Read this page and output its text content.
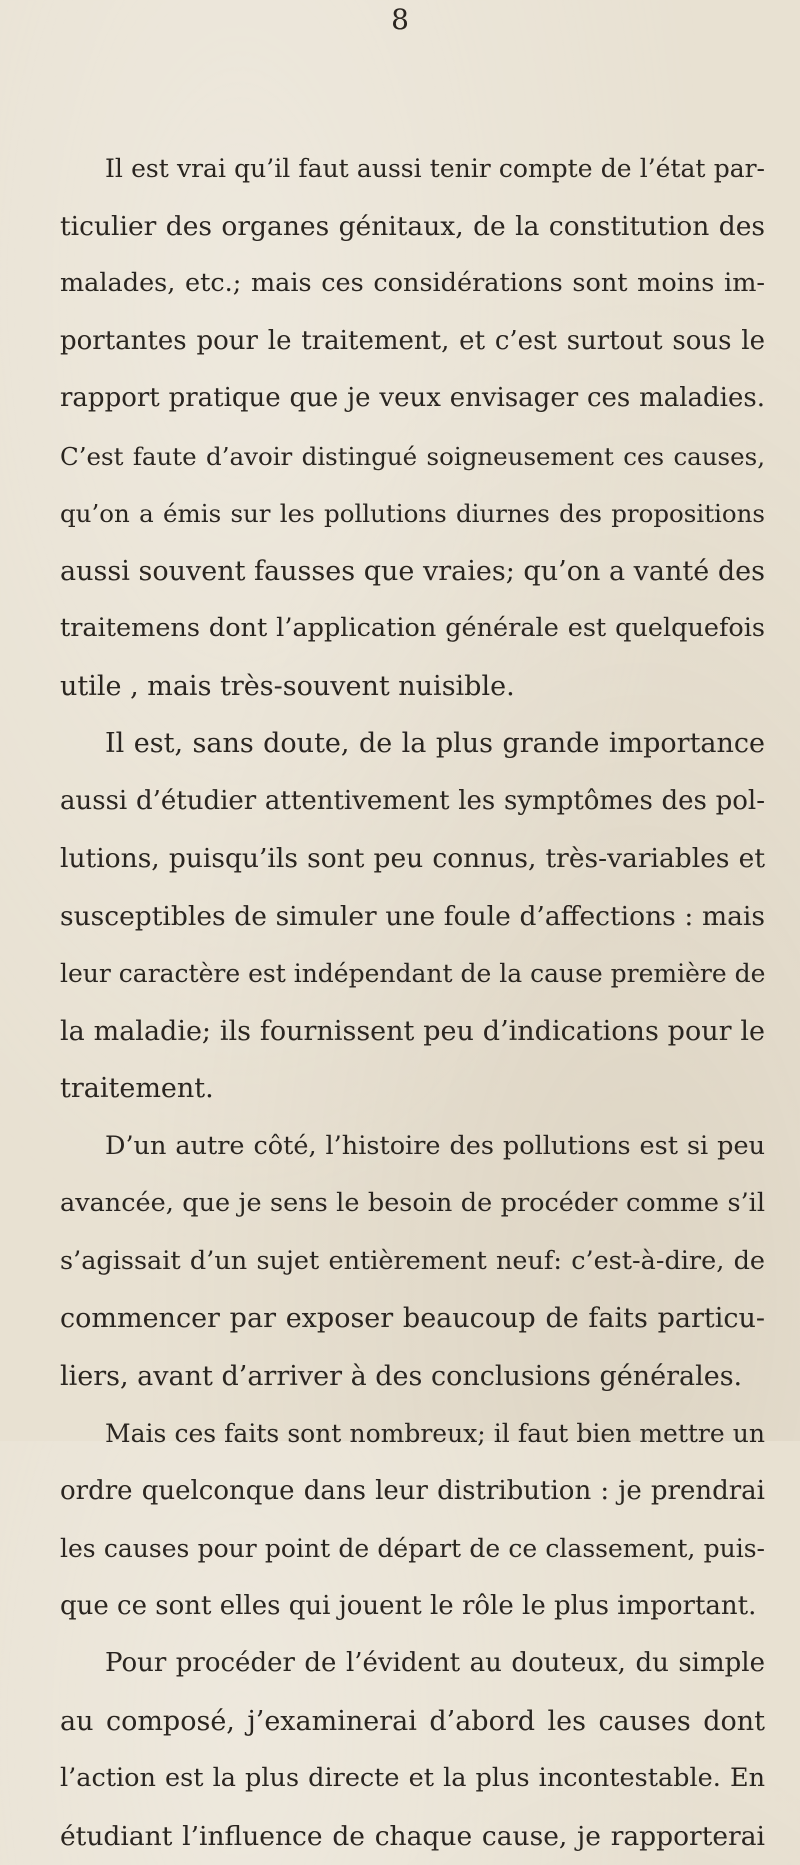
8
Il est vrai qu’il faut aussi tenir compte de l’état par-
ticulier des organes génitaux, de la constitution des
malades, etc.; mais ces considérations sont moins im-
portantes pour le traitement, et c’est surtout sous le
rapport pratique que je veux envisager ces maladies.
C’est faute d’avoir distingué soigneusement ces causes,
qu’on a émis sur les pollutions diurnes des propositions
aussi souvent fausses que vraies; qu’on a vanté des
traitemens dont l’application générale est quelquefois
utile , mais très-souvent nuisible.
Il est, sans doute, de la plus grande importance
aussi d’étudier attentivement les symptômes des pol-
lutions, puisqu’ils sont peu connus, très-variables et
susceptibles de simuler une foule d’affections : mais
leur caractère est indépendant de la cause première de
la maladie; ils fournissent peu d’indications pour le
traitement.
D’un autre côté, l’histoire des pollutions est si peu
avancée, que je sens le besoin de procéder comme s’il
s’agissait d’un sujet entièrement neuf: c’est-à-dire, de
commencer par exposer beaucoup de faits particu-
liers, avant d’arriver à des conclusions générales.
Mais ces faits sont nombreux; il faut bien mettre un
ordre quelconque dans leur distribution : je prendrai
les causes pour point de départ de ce classement, puis-
que ce sont elles qui jouent le rôle le plus important.
Pour procéder de l’évident au douteux, du simple
au composé, j’examinerai d’abord les causes dont
l’action est la plus directe et la plus incontestable. En
étudiant l’influence de chaque cause, je rapporterai
